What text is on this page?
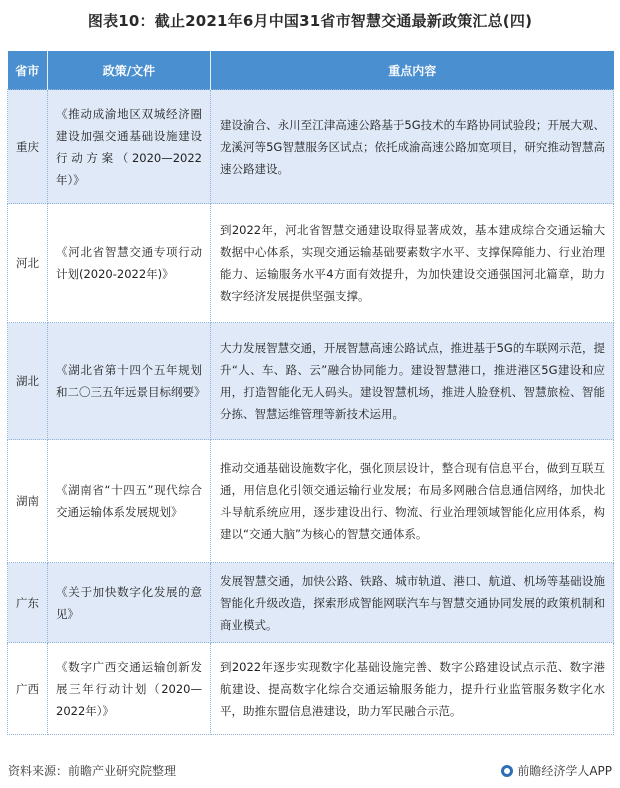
图表10：截止2021年6月中国31省市智慧交通最新政策汇总(四)
省市	政策/文件	重点内容
重庆	《推动成渝地区双城经济圈建设加强交通基础设施建设行动方案（2020—2022年）》	建设渝合、永川至江津高速公路基于5G技术的车路协同试验段；开展大观、龙溪河等5G智慧服务区试点；依托成渝高速公路加宽项目，研究推动智慧高速公路建设。
河北	《河北省智慧交通专项行动计划(2020-2022年)》	到2022年，河北省智慧交通建设取得显著成效，基本建成综合交通运输大数据中心体系，实现交通运输基础要素数字水平、支撑保障能力、行业治理能力、运输服务水平4方面有效提升，为加快建设交通强国河北篇章，助力数字经济发展提供坚强支撑。
湖北	《湖北省第十四个五年规划和二〇三五年远景目标纲要》	大力发展智慧交通，开展智慧高速公路试点，推进基于5G的车联网示范，提升“人、车、路、云”融合协同能力。建设智慧港口，推进港区5G建设和应用，打造智能化无人码头。建设智慧机场，推进人脸登机、智慧旅检、智能分拣、智慧运维管理等新技术运用。
湖南	《湖南省“十四五”现代综合交通运输体系发展规划》	推动交通基础设施数字化，强化顶层设计，整合现有信息平台，做到互联互通，用信息化引领交通运输行业发展；布局多网融合信息通信网络，加快北斗导航系统应用，逐步建设出行、物流、行业治理领域智能化应用体系，构建以“交通大脑”为核心的智慧交通体系。
广东	《关于加快数字化发展的意见》	发展智慧交通，加快公路、铁路、城市轨道、港口、航道、机场等基础设施智能化升级改造，探索形成智能网联汽车与智慧交通协同发展的政策机制和商业模式。
广西	《数字广西交通运输创新发展三年行动计划（2020—2022年）》	到2022年逐步实现数字化基础设施完善、数字公路建设试点示范、数字港航建设、提高数字化综合交通运输服务能力，提升行业监管服务数字化水平，助推东盟信息港建设，助力军民融合示范。
资料来源：前瞻产业研究院整理	前瞻经济学人APP
